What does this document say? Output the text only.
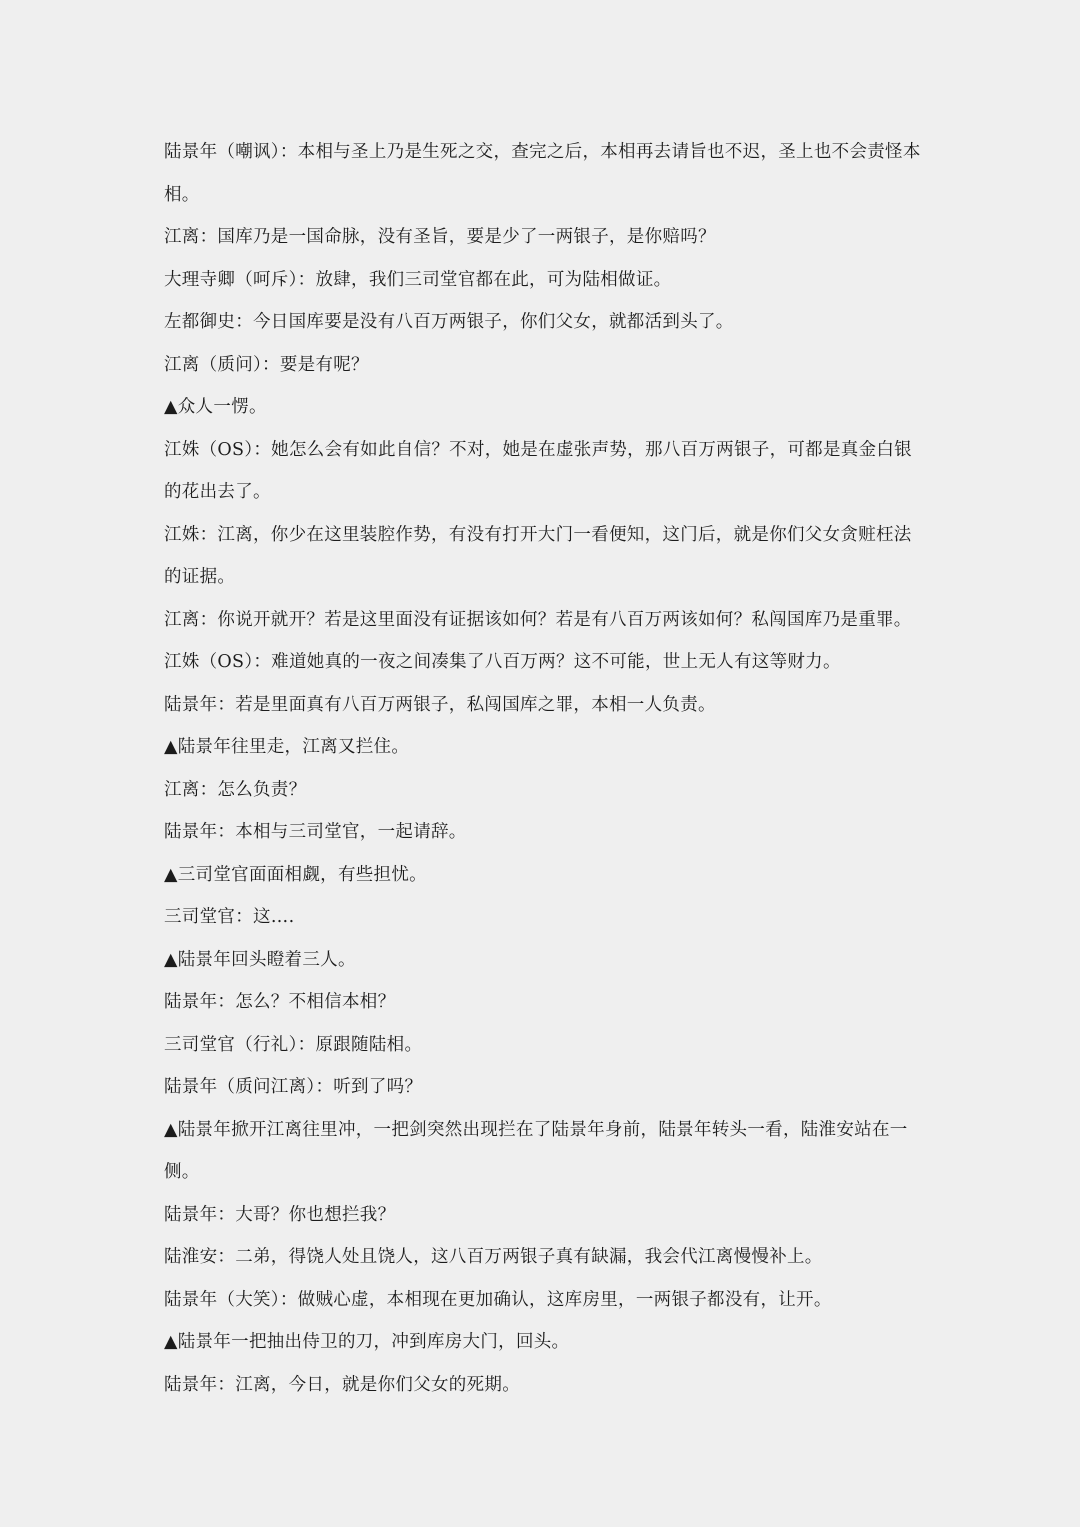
陆景年（嘲讽）：本相与圣上乃是生死之交，查完之后，本相再去请旨也不迟，圣上也不会责怪本相。

江离：国库乃是一国命脉，没有圣旨，要是少了一两银子，是你赔吗？

大理寺卿（呵斥）：放肆，我们三司堂官都在此，可为陆相做证。

左都御史：今日国库要是没有八百万两银子，你们父女，就都活到头了。

江离（质问）：要是有呢？

▲众人一愣。

江姝（OS）：她怎么会有如此自信？不对，她是在虚张声势，那八百万两银子，可都是真金白银的花出去了。

江姝：江离，你少在这里装腔作势，有没有打开大门一看便知，这门后，就是你们父女贪赃枉法的证据。

江离：你说开就开？若是这里面没有证据该如何？若是有八百万两该如何？私闯国库乃是重罪。

江姝（OS）：难道她真的一夜之间凑集了八百万两？这不可能，世上无人有这等财力。

陆景年：若是里面真有八百万两银子，私闯国库之罪，本相一人负责。

▲陆景年往里走，江离又拦住。

江离：怎么负责？

陆景年：本相与三司堂官，一起请辞。

▲三司堂官面面相觑，有些担忧。

三司堂官：这….

▲陆景年回头瞪着三人。

陆景年：怎么？不相信本相？

三司堂官（行礼）：原跟随陆相。

陆景年（质问江离）：听到了吗？

▲陆景年掀开江离往里冲，一把剑突然出现拦在了陆景年身前，陆景年转头一看，陆淮安站在一侧。

陆景年：大哥？你也想拦我？

陆淮安：二弟，得饶人处且饶人，这八百万两银子真有缺漏，我会代江离慢慢补上。

陆景年（大笑）：做贼心虚，本相现在更加确认，这库房里，一两银子都没有，让开。

▲陆景年一把抽出侍卫的刀，冲到库房大门，回头。

陆景年：江离，今日，就是你们父女的死期。
